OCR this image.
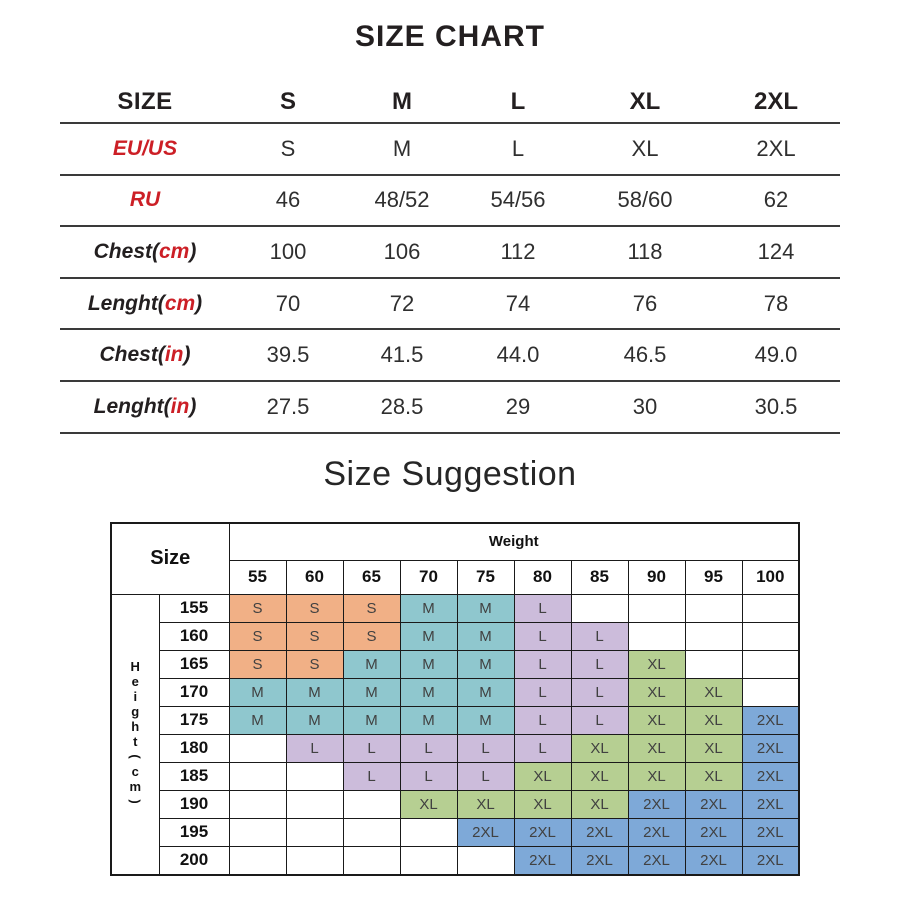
SIZE CHART
SIZE	S	M	L	XL	2XL
EU/US	S	M	L	XL	2XL
RU	46	48/52	54/56	58/60	62
Chest(cm)	100	106	112	118	124
Lenght(cm)	70	72	74	76	78
Chest(in)	39.5	41.5	44.0	46.5	49.0
Lenght(in)	27.5	28.5	29	30	30.5
Size Suggestion
Size		Weight									
		55	60	65	70	75	80	85	90	95	100

H
e
i
g
h
t
(
c
m
)
	155	S	S	S	M	M	L				
	160	S	S	S	M	M	L	L			
	165	S	S	M	M	M	L	L	XL		
	170	M	M	M	M	M	L	L	XL	XL	
	175	M	M	M	M	M	L	L	XL	XL	2XL
	180		L	L	L	L	L	XL	XL	XL	2XL
	185			L	L	L	XL	XL	XL	XL	2XL
	190				XL	XL	XL	XL	2XL	2XL	2XL
	195					2XL	2XL	2XL	2XL	2XL	2XL
	200						2XL	2XL	2XL	2XL	2XL
